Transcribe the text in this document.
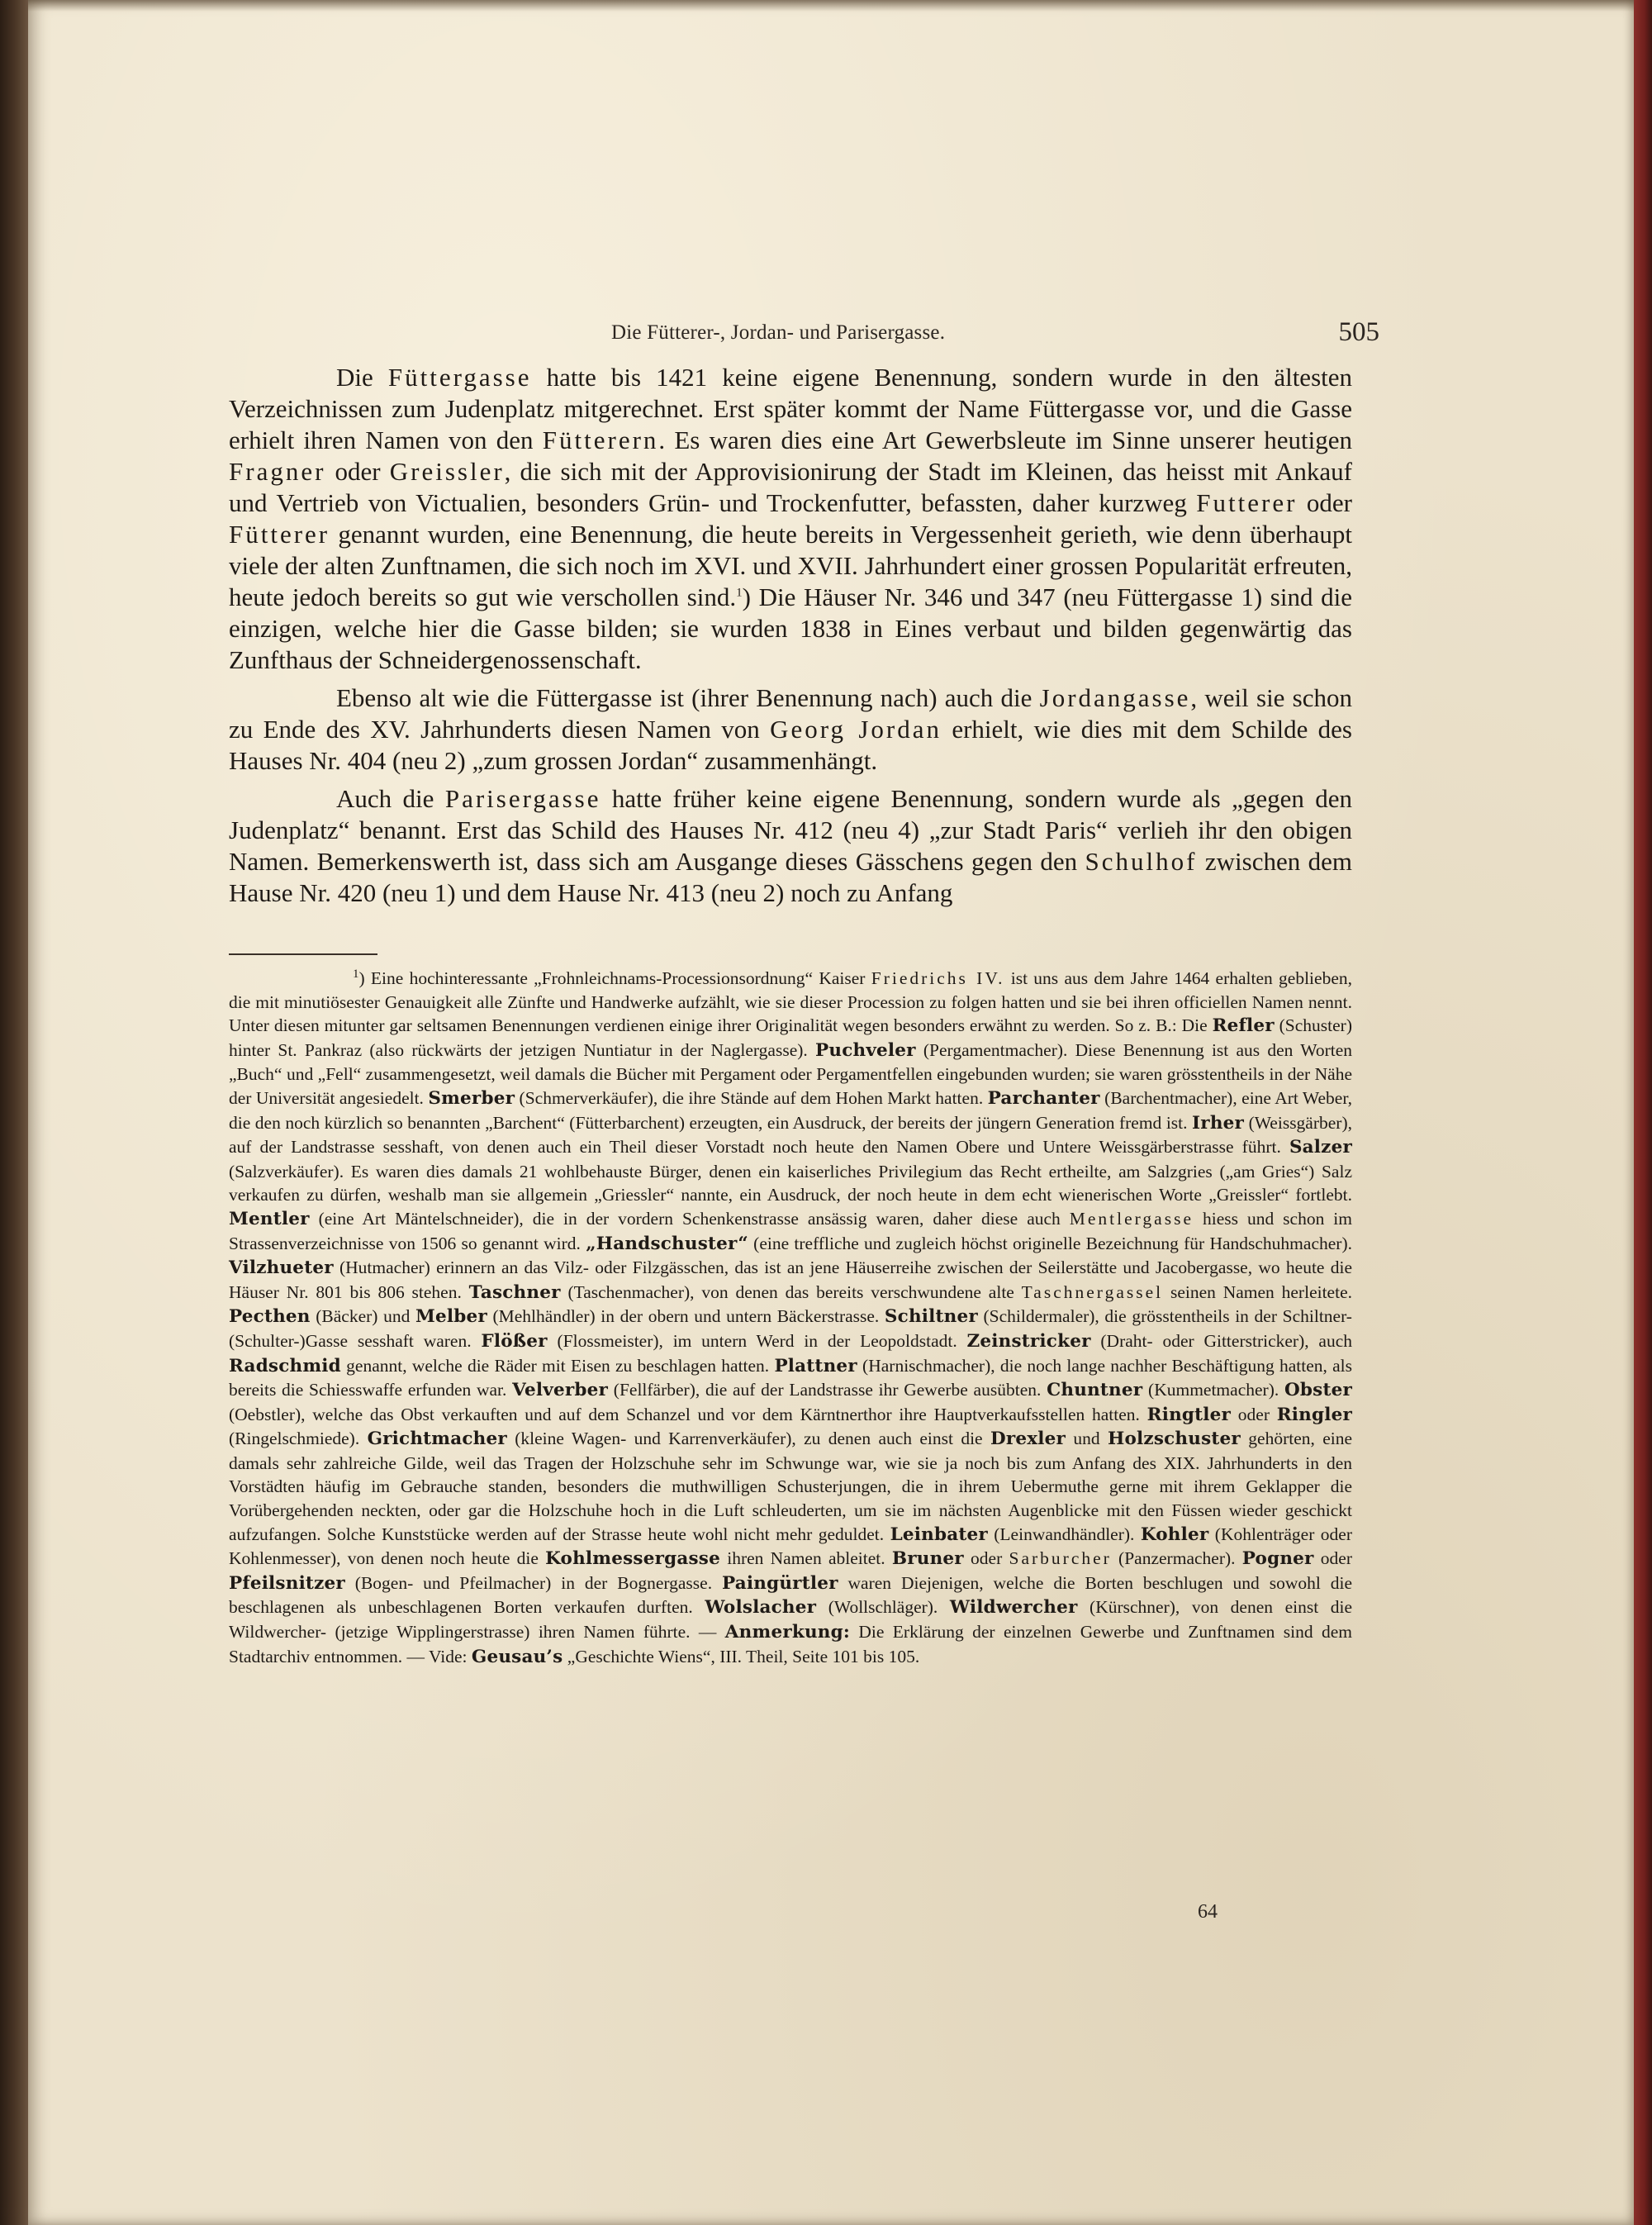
Die Fütterer-, Jordan- und Parisergasse.	505

Die Füttergasse hatte bis 1421 keine eigene Benennung, sondern wurde in den ältesten Verzeichnissen zum Judenplatz mitgerechnet. Erst später kommt der Name Füttergasse vor, und die Gasse erhielt ihren Namen von den Fütterern. Es waren dies eine Art Gewerbsleute im Sinne unserer heutigen Fragner oder Greissler, die sich mit der Approvisionirung der Stadt im Kleinen, das heisst mit Ankauf und Vertrieb von Victualien, besonders Grün- und Trockenfutter, befassten, daher kurzweg Futterer oder Fütterer genannt wurden, eine Benennung, die heute bereits in Vergessenheit gerieth, wie denn überhaupt viele der alten Zunftnamen, die sich noch im XVI. und XVII. Jahrhundert einer grossen Popularität erfreuten, heute jedoch bereits so gut wie verschollen sind.$^1$) Die Häuser Nr. 346 und 347 (neu Füttergasse 1) sind die einzigen, welche hier die Gasse bilden; sie wurden 1838 in Eines verbaut und bilden gegenwärtig das Zunfthaus der Schneidergenossenschaft.

Ebenso alt wie die Füttergasse ist (ihrer Benennung nach) auch die Jordangasse, weil sie schon zu Ende des XV. Jahrhunderts diesen Namen von Georg Jordan erhielt, wie dies mit dem Schilde des Hauses Nr. 404 (neu 2) „zum grossen Jordan“ zusammenhängt.

Auch die Parisergasse hatte früher keine eigene Benennung, sondern wurde als „gegen den Judenplatz“ benannt. Erst das Schild des Hauses Nr. 412 (neu 4) „zur Stadt Paris“ verlieh ihr den obigen Namen. Bemerkenswerth ist, dass sich am Ausgange dieses Gässchens gegen den Schulhof zwischen dem Hause Nr. 420 (neu 1) und dem Hause Nr. 413 (neu 2) noch zu Anfang

$^1$) Eine hochinteressante „Frohnleichnams-Processionsordnung“ Kaiser Friedrichs IV. ist uns aus dem Jahre 1464 erhalten geblieben, die mit minutiösester Genauigkeit alle Zünfte und Handwerke aufzählt, wie sie dieser Procession zu folgen hatten und sie bei ihren officiellen Namen nennt. Unter diesen mitunter gar seltsamen Benennungen verdienen einige ihrer Originalität wegen besonders erwähnt zu werden. So z. B.: Die Refler (Schuster) hinter St. Pankraz (also rückwärts der jetzigen Nuntiatur in der Naglergasse). Puchveler (Pergamentmacher). Diese Benennung ist aus den Worten „Buch“ und „Fell“ zusammengesetzt, weil damals die Bücher mit Pergament oder Pergamentfellen eingebunden wurden; sie waren grösstentheils in der Nähe der Universität angesiedelt. Smerber (Schmerverkäufer), die ihre Stände auf dem Hohen Markt hatten. Parchanter (Barchentmacher), eine Art Weber, die den noch kürzlich so benannten „Barchent“ (Fütterbarchent) erzeugten, ein Ausdruck, der bereits der jüngern Generation fremd ist. Irher (Weissgärber), auf der Landstrasse sesshaft, von denen auch ein Theil dieser Vorstadt noch heute den Namen Obere und Untere Weissgärberstrasse führt. Salzer (Salzverkäufer). Es waren dies damals 21 wohlbehauste Bürger, denen ein kaiserliches Privilegium das Recht ertheilte, am Salzgries („am Gries“) Salz verkaufen zu dürfen, weshalb man sie allgemein „Griessler“ nannte, ein Ausdruck, der noch heute in dem echt wienerischen Worte „Greissler“ fortlebt. Mentler (eine Art Mäntelschneider), die in der vordern Schenkenstrasse ansässig waren, daher diese auch Mentlergasse hiess und schon im Strassenverzeichnisse von 1506 so genannt wird. „Handschuster“ (eine treffliche und zugleich höchst originelle Bezeichnung für Handschuhmacher). Vilzhueter (Hutmacher) erinnern an das Vilz- oder Filzgässchen, das ist an jene Häuserreihe zwischen der Seilerstätte und Jacobergasse, wo heute die Häuser Nr. 801 bis 806 stehen. Taschner (Taschenmacher), von denen das bereits verschwundene alte Taschnergassel seinen Namen herleitete. Pecthen (Bäcker) und Melber (Mehlhändler) in der obern und untern Bäckerstrasse. Schiltner (Schildermaler), die grösstentheils in der Schiltner- (Schulter-)Gasse sesshaft waren. Flößer (Flossmeister), im untern Werd in der Leopoldstadt. Zeinstricker (Draht- oder Gitterstricker), auch Radschmid genannt, welche die Räder mit Eisen zu beschlagen hatten. Plattner (Harnischmacher), die noch lange nachher Beschäftigung hatten, als bereits die Schiesswaffe erfunden war. Velverber (Fellfärber), die auf der Landstrasse ihr Gewerbe ausübten. Chuntner (Kummetmacher). Obster (Oebstler), welche das Obst verkauften und auf dem Schanzel und vor dem Kärntnerthor ihre Hauptverkaufsstellen hatten. Ringtler oder Ringler (Ringelschmiede). Grichtmacher (kleine Wagen- und Karrenverkäufer), zu denen auch einst die Drexler und Holzschuster gehörten, eine damals sehr zahlreiche Gilde, weil das Tragen der Holzschuhe sehr im Schwunge war, wie sie ja noch bis zum Anfang des XIX. Jahrhunderts in den Vorstädten häufig im Gebrauche standen, besonders die muthwilligen Schusterjungen, die in ihrem Uebermuthe gerne mit ihrem Geklapper die Vorübergehenden neckten, oder gar die Holzschuhe hoch in die Luft schleuderten, um sie im nächsten Augenblicke mit den Füssen wieder geschickt aufzufangen. Solche Kunststücke werden auf der Strasse heute wohl nicht mehr geduldet. Leinbater (Leinwandhändler). Kohler (Kohlenträger oder Kohlenmesser), von denen noch heute die Kohlmessergasse ihren Namen ableitet. Bruner oder Sarburcher (Panzermacher). Pogner oder Pfeilsnitzer (Bogen- und Pfeilmacher) in der Bognergasse. Paingürtler waren Diejenigen, welche die Borten beschlugen und sowohl die beschlagenen als unbeschlagenen Borten verkaufen durften. Wolslacher (Wollschläger). Wildwercher (Kürschner), von denen einst die Wildwercher- (jetzige Wipplingerstrasse) ihren Namen führte. — Anmerkung: Die Erklärung der einzelnen Gewerbe und Zunftnamen sind dem Stadtarchiv entnommen. — Vide: Geusau’s „Geschichte Wiens“, III. Theil, Seite 101 bis 105.

64
